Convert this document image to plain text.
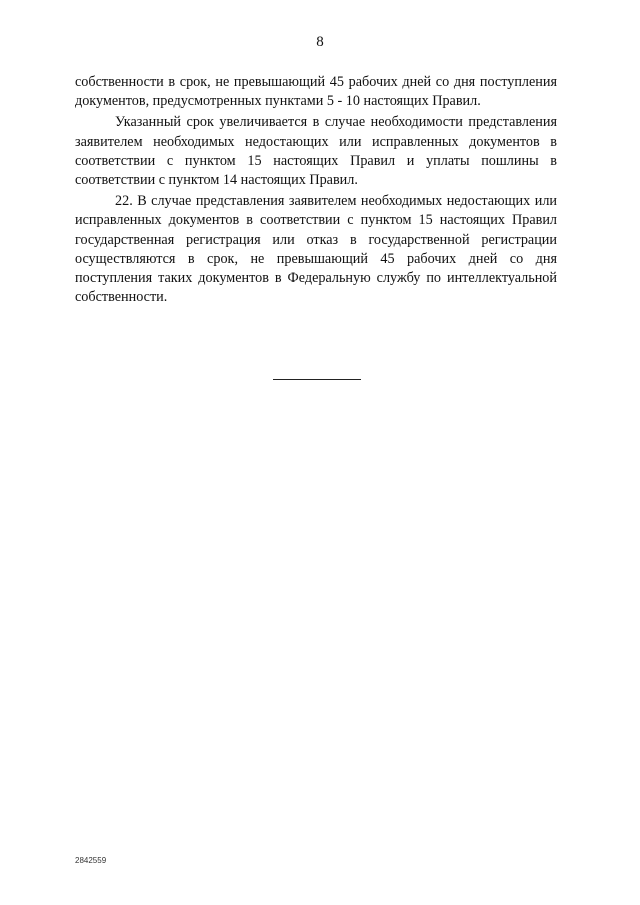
8

собственности в срок, не превышающий 45 рабочих дней со дня поступления документов, предусмотренных пунктами 5 - 10 настоящих Правил.

Указанный срок увеличивается в случае необходимости представления заявителем необходимых недостающих или исправленных документов в соответствии с пунктом 15 настоящих Правил и уплаты пошлины в соответствии с пунктом 14 настоящих Правил.

22. В случае представления заявителем необходимых недостающих или исправленных документов в соответствии с пунктом 15 настоящих Правил государственная регистрация или отказ в государственной регистрации осуществляются в срок, не превышающий 45 рабочих дней со дня поступления таких документов в Федеральную службу по интеллектуальной собственности.

2842559
